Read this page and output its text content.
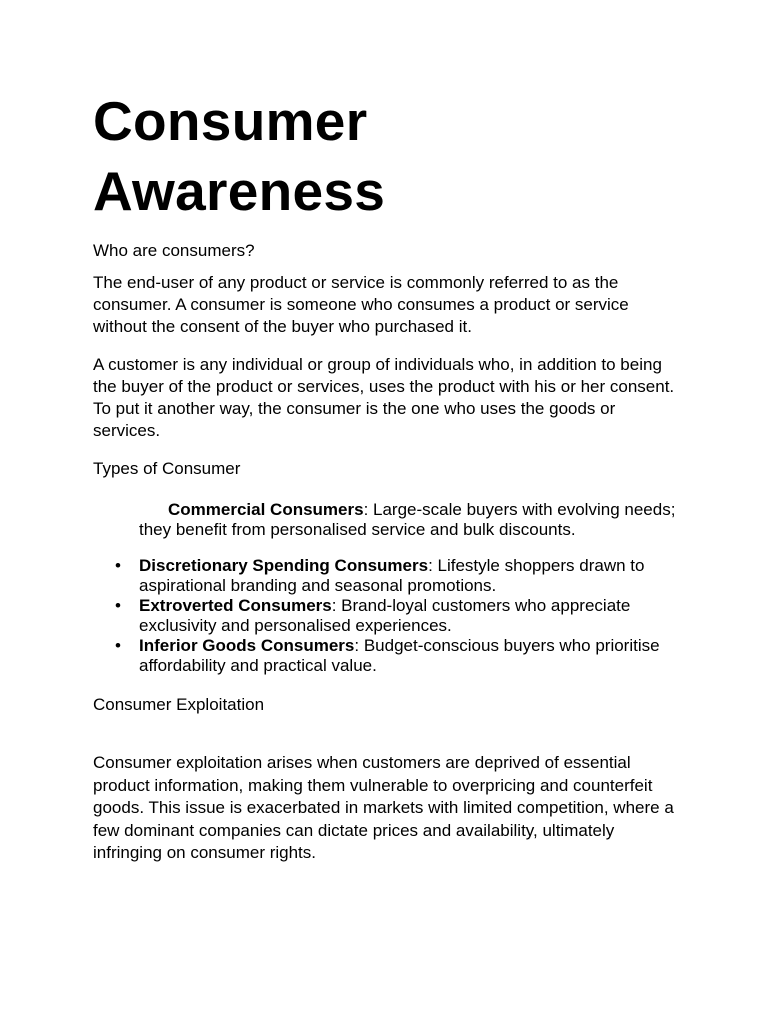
Consumer
Awareness

Who are consumers?

The end-user of any product or service is commonly referred to as the consumer. A consumer is someone who consumes a product or service without the consent of the buyer who purchased it.

A customer is any individual or group of individuals who, in addition to being the buyer of the product or services, uses the product with his or her consent. To put it another way, the consumer is the one who uses the goods or services.

Types of Consumer

Commercial Consumers: Large-scale buyers with evolving needs; they benefit from personalised service and bulk discounts.

• Discretionary Spending Consumers: Lifestyle shoppers drawn to aspirational branding and seasonal promotions.
• Extroverted Consumers: Brand-loyal customers who appreciate exclusivity and personalised experiences.
• Inferior Goods Consumers: Budget-conscious buyers who prioritise affordability and practical value.

Consumer Exploitation

Consumer exploitation arises when customers are deprived of essential product information, making them vulnerable to overpricing and counterfeit goods. This issue is exacerbated in markets with limited competition, where a few dominant companies can dictate prices and availability, ultimately infringing on consumer rights.
